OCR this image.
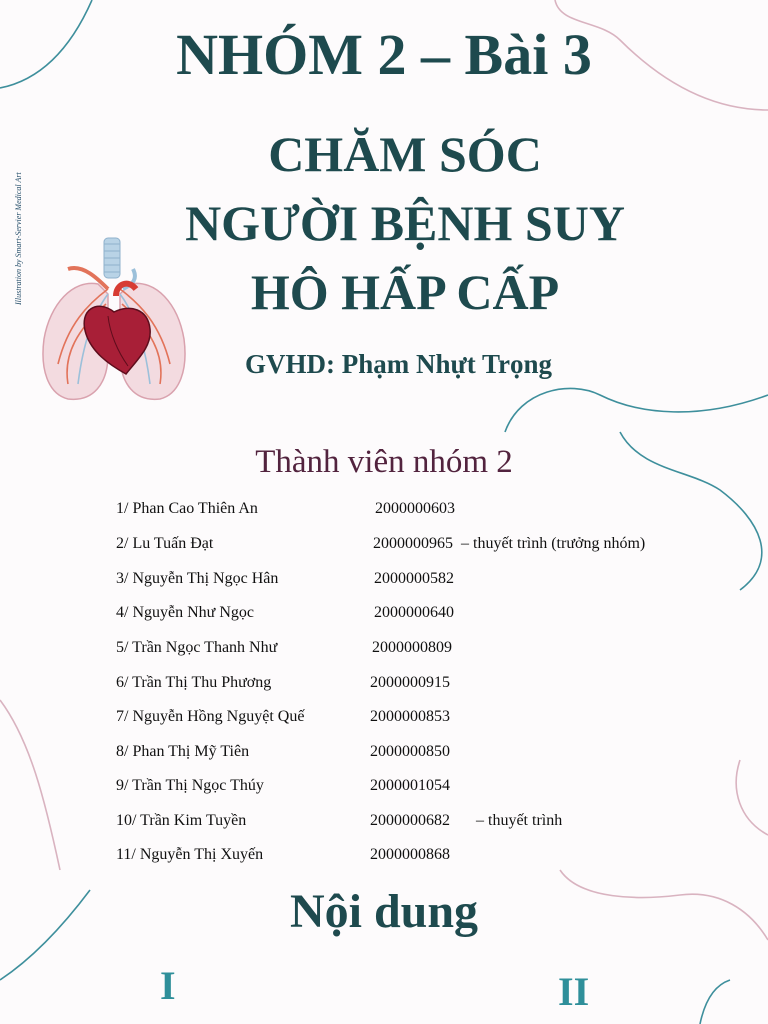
NHÓM 2 – Bài 3
CHĂM SÓC
NGƯỜI BỆNH SUY
HÔ HẤP CẤP
Illustration by Smart-Servier Medical Art
GVHD: Phạm Nhựt Trọng
Thành viên nhóm 2
1/ Phan Cao Thiên An	2000000603
2/ Lu Tuấn Đạt	2000000965 – thuyết trình (trưởng nhóm)
3/ Nguyễn Thị Ngọc Hân	2000000582
4/ Nguyễn Như Ngọc	2000000640
5/ Trần Ngọc Thanh Như	2000000809
6/ Trần Thị Thu Phương	2000000915
7/ Nguyễn Hồng Nguyệt Quế	2000000853
8/ Phan Thị Mỹ Tiên	2000000850
9/ Trần Thị Ngọc Thúy	2000001054
10/ Trần Kim Tuyền	2000000682 – thuyết trình
11/ Nguyễn Thị Xuyến	2000000868
Nội dung
I	II
